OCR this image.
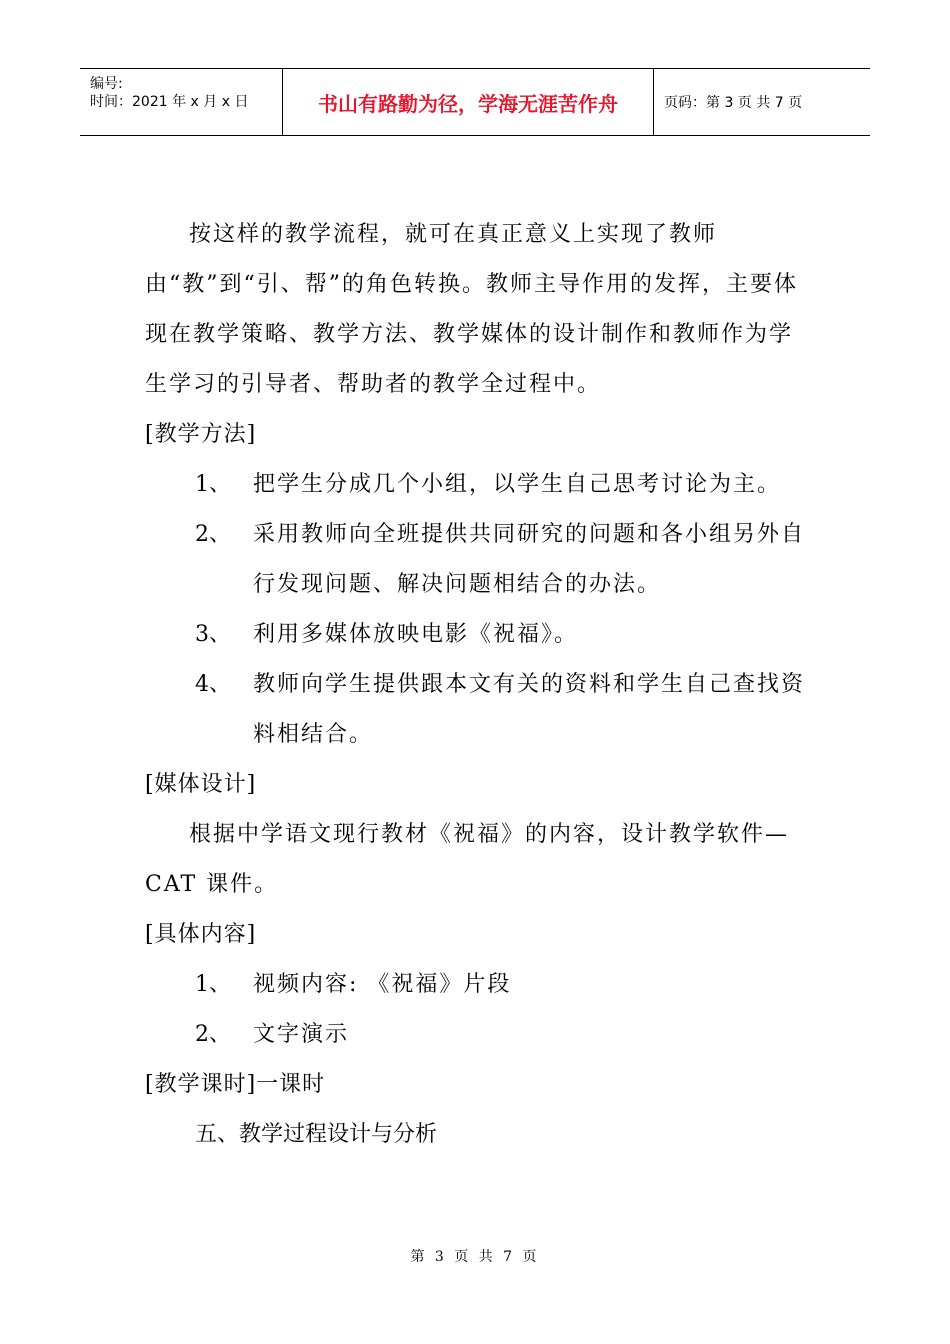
编号:
时间：2021 年 x 月 x 日	书山有路勤为径，学海无涯苦作舟	页码：第 3 页 共 7 页

按这样的教学流程，就可在真正意义上实现了教师由“教”到“引、帮”的角色转换。教师主导作用的发挥，主要体现在教学策略、教学方法、教学媒体的设计制作和教师作为学生学习的引导者、帮助者的教学全过程中。

[教学方法]

1、	把学生分成几个小组，以学生自己思考讨论为主。
2、	采用教师向全班提供共同研究的问题和各小组另外自行发现问题、解决问题相结合的办法。
3、	利用多媒体放映电影《祝福》。
4、	教师向学生提供跟本文有关的资料和学生自己查找资料相结合。

[媒体设计]

根据中学语文现行教材《祝福》的内容，设计教学软件—CAT 课件。

[具体内容]

1、	视频内容: 《祝福》片段
2、	文字演示

[教学课时]一课时

五、教学过程设计与分析

第 3 页 共 7 页
